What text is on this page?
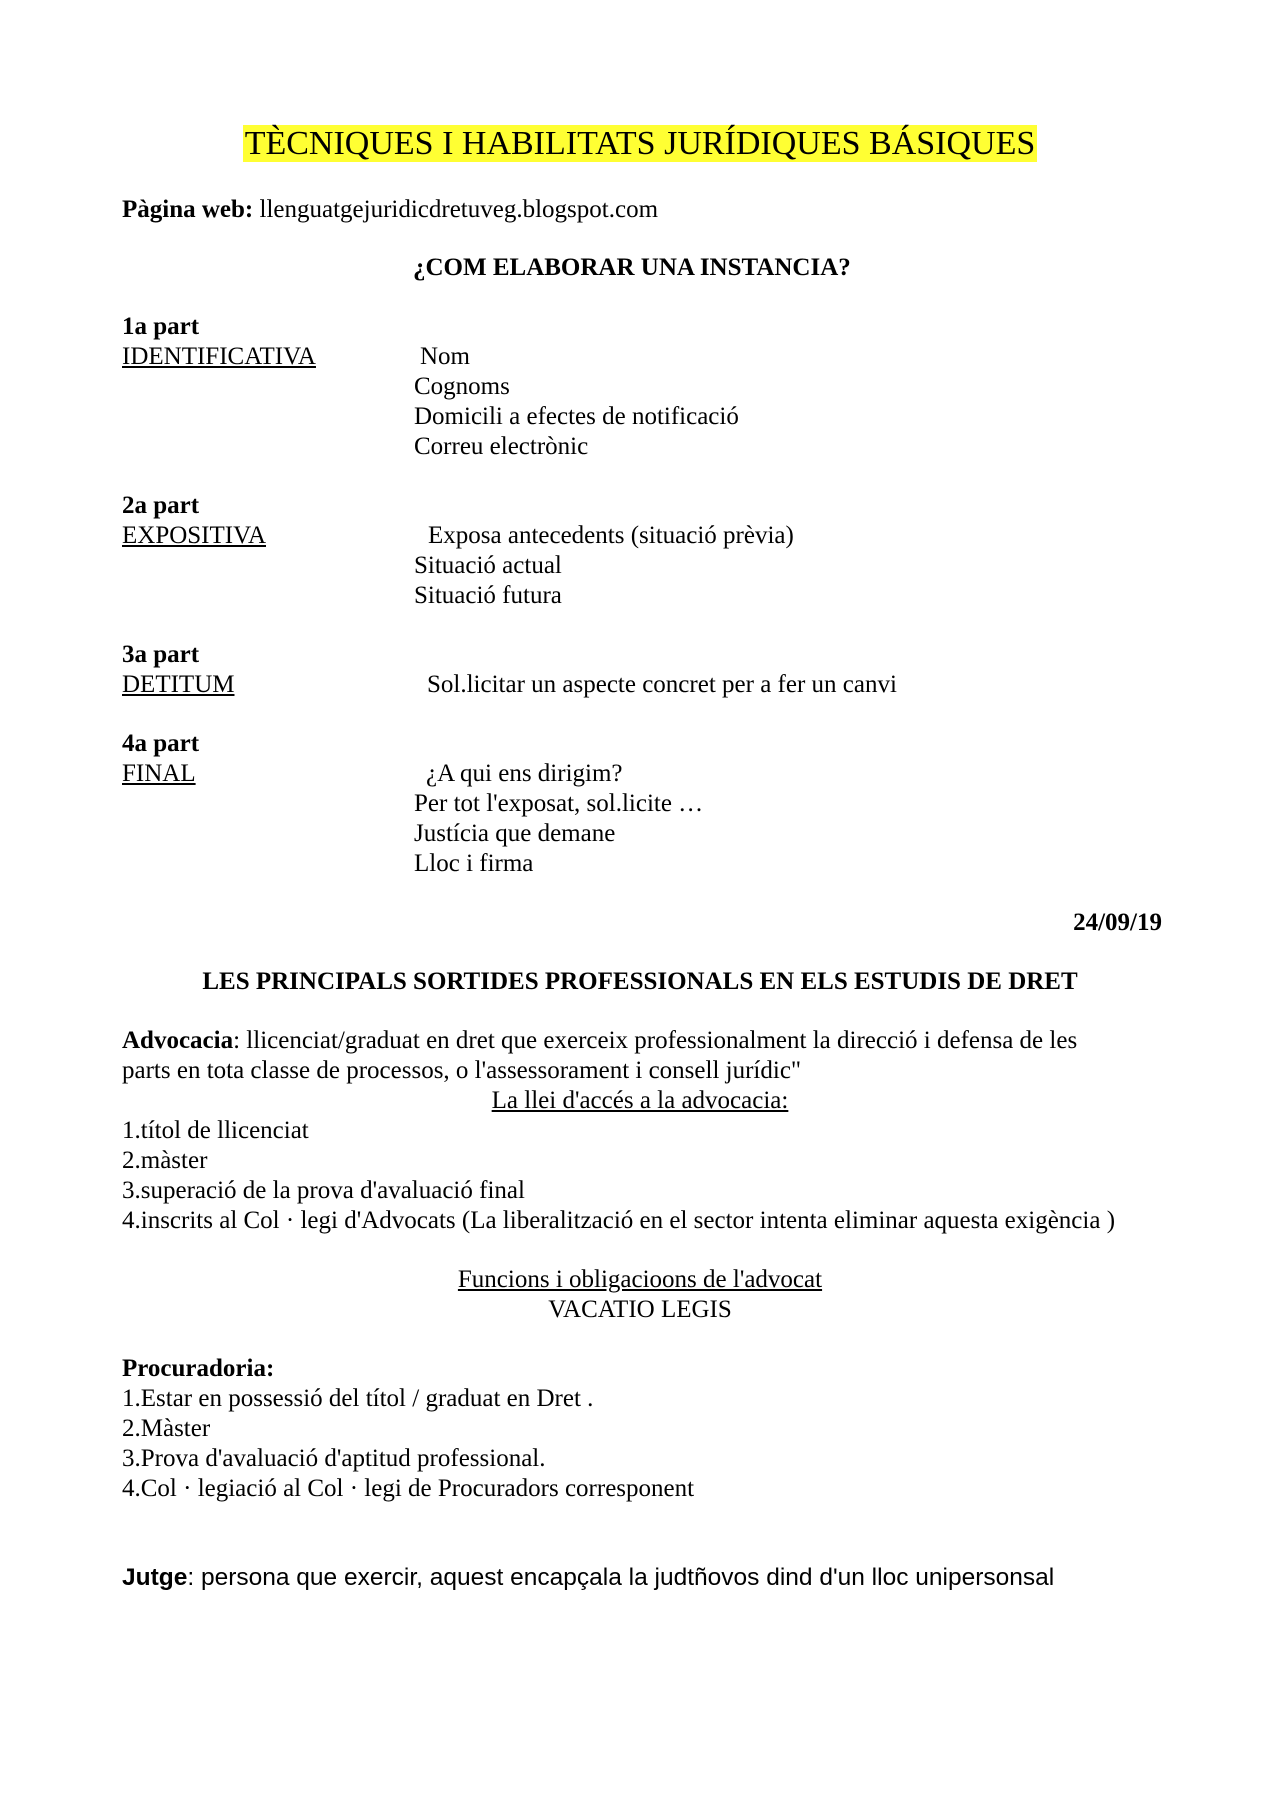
TÈCNIQUES I HABILITATS JURÍDIQUES BÁSIQUES
Pàgina web: llenguatgejuridicdretuveg.blogspot.com
¿COM ELABORAR UNA INSTANCIA?
1a part
IDENTIFICATIVA	Nom
Cognoms
Domicili a efectes de notificació
Correu electrònic
2a part
EXPOSITIVA	Exposa antecedents (situació prèvia)
Situació actual
Situació futura
3a part
DETITUM	Sol.licitar un aspecte concret per a fer un canvi
4a part
FINAL	¿A qui ens dirigim?
Per tot l'exposat, sol.licite …
Justícia que demane
Lloc i firma
24/09/19
LES PRINCIPALS SORTIDES PROFESSIONALS EN ELS ESTUDIS DE DRET
Advocacia: llicenciat/graduat en dret que exerceix professionalment la direcció i defensa de les
parts en tota classe de processos, o l'assessorament i consell jurídic"
La llei d'accés a la advocacia:
1.títol de llicenciat
2.màster
3.superació de la prova d'avaluació final
4.inscrits al Col · legi d'Advocats (La liberalització en el sector intenta eliminar aquesta exigència )
Funcions i obligacioons de l'advocat
VACATIO LEGIS
Procuradoria:
1.Estar en possessió del títol / graduat en Dret .
2.Màster
3.Prova d'avaluació d'aptitud professional.
4.Col · legiació al Col · legi de Procuradors corresponent
Jutge: persona que exercir, aquest encapçala la judtñovos dind d'un lloc unipersonsal
